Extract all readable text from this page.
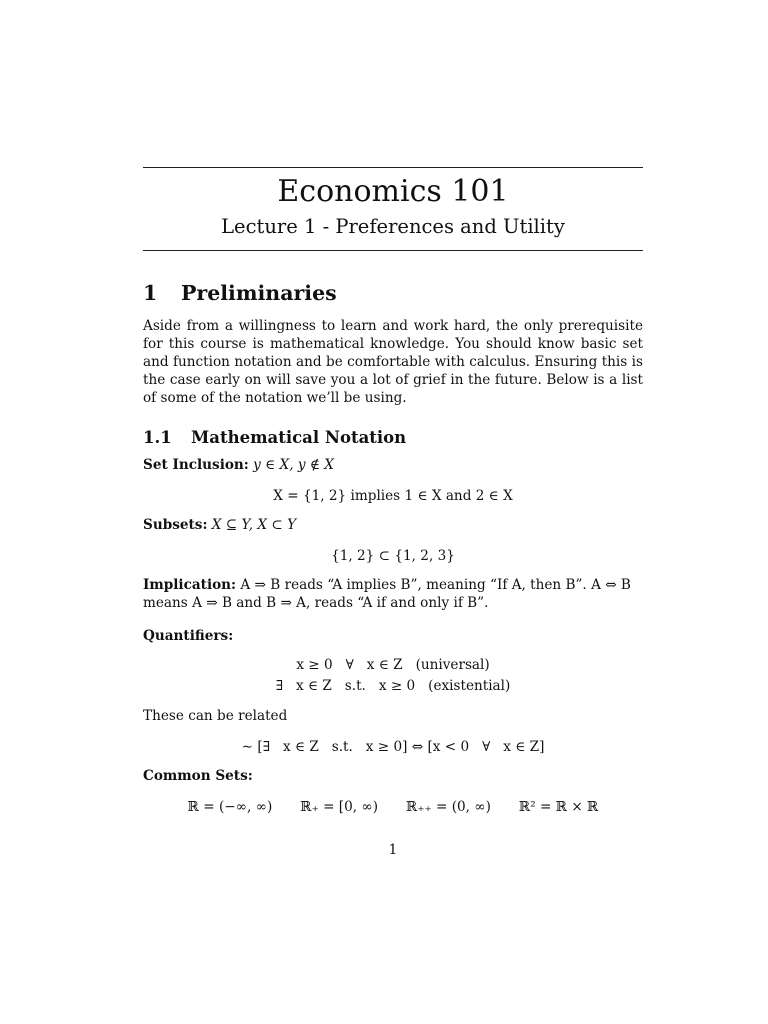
Economics 101
Lecture 1 - Preferences and Utility
1 Preliminaries
Aside from a willingness to learn and work hard, the only prerequisite for this course is mathematical knowledge. You should know basic set and function notation and be comfortable with calculus. Ensuring this is the case early on will save you a lot of grief in the future. Below is a list of some of the notation we’ll be using.
1.1 Mathematical Notation
Set Inclusion: y ∈ X, y ∉ X
X = {1, 2} implies 1 ∈ X and 2 ∈ X
Subsets: X ⊆ Y, X ⊂ Y
{1, 2} ⊂ {1, 2, 3}
Implication: A ⇒ B reads “A implies B”, meaning “If A, then B”. A ⇔ B
means A ⇒ B and B ⇒ A, reads “A if and only if B”.
Quantifiers:
x ≥ 0   ∀   x ∈ Z   (universal)
∃   x ∈ Z   s.t.   x ≥ 0   (existential)
These can be related
∼ [∃   x ∈ Z   s.t.   x ≥ 0] ⇔ [x < 0   ∀   x ∈ Z]
Common Sets:
ℝ = (−∞, ∞) ℝ₊ = [0, ∞) ℝ₊₊ = (0, ∞) ℝ² = ℝ × ℝ
1
